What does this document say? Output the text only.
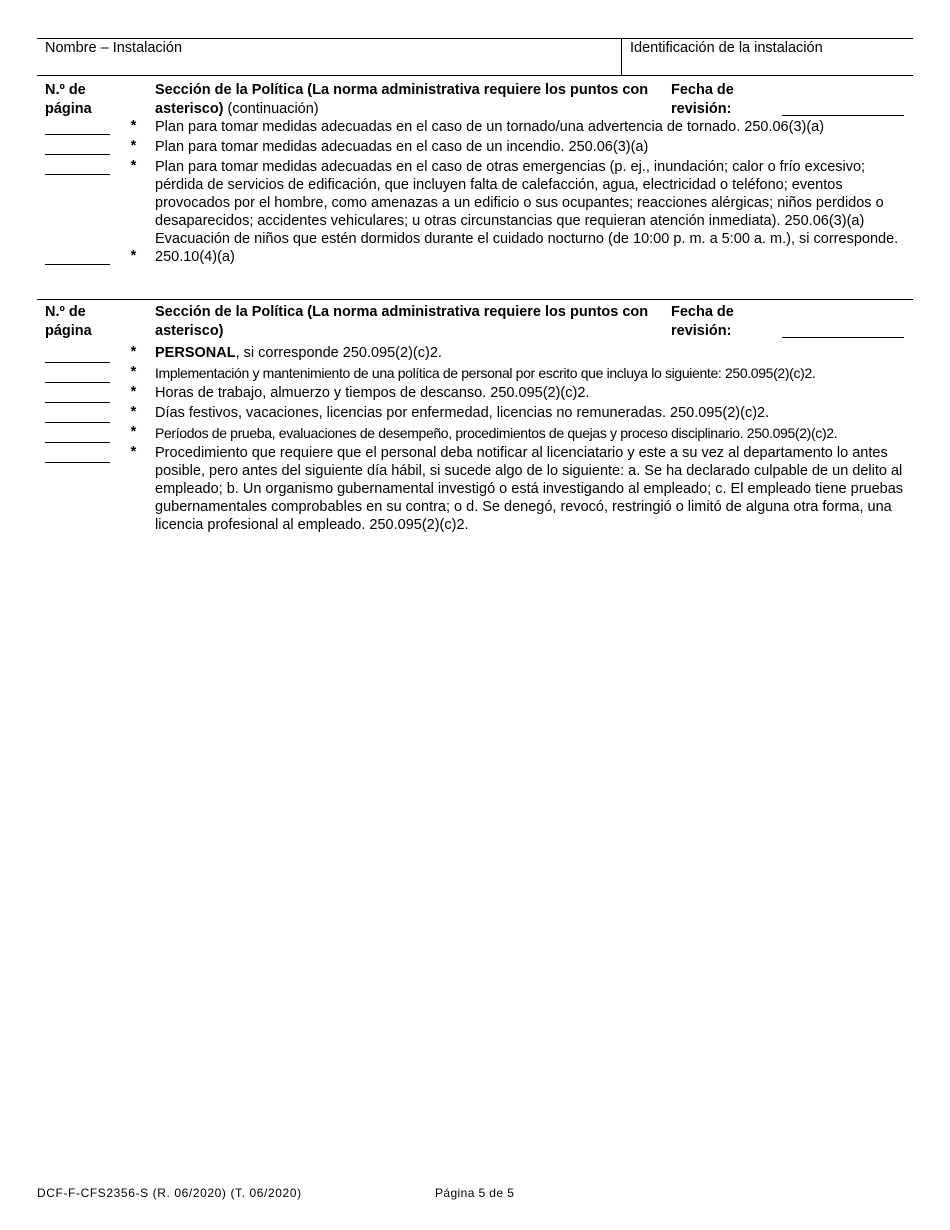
Nombre – Instalación	Identificación de la instalación
N.º de
página
Sección de la Política (La norma administrativa requiere los puntos con asterisco) (continuación)
Fecha de
revisión:
* Plan para tomar medidas adecuadas en el caso de un tornado/una advertencia de tornado. 250.06(3)(a)
* Plan para tomar medidas adecuadas en el caso de un incendio. 250.06(3)(a)
* Plan para tomar medidas adecuadas en el caso de otras emergencias (p. ej., inundación; calor o frío excesivo; pérdida de servicios de edificación, que incluyen falta de calefacción, agua, electricidad o teléfono; eventos provocados por el hombre, como amenazas a un edificio o sus ocupantes; reacciones alérgicas; niños perdidos o desaparecidos; accidentes vehiculares; u otras circunstancias que requieran atención inmediata). 250.06(3)(a)
*
Evacuación de niños que estén dormidos durante el cuidado nocturno (de 10:00 p. m. a 5:00 a. m.), si corresponde. 250.10(4)(a)
N.º de
página
Sección de la Política (La norma administrativa requiere los puntos con asterisco)
Fecha de
revisión:
* PERSONAL, si corresponde 250.095(2)(c)2.
* Implementación y mantenimiento de una política de personal por escrito que incluya lo siguiente: 250.095(2)(c)2.
* Horas de trabajo, almuerzo y tiempos de descanso. 250.095(2)(c)2.
* Días festivos, vacaciones, licencias por enfermedad, licencias no remuneradas. 250.095(2)(c)2.
* Períodos de prueba, evaluaciones de desempeño, procedimientos de quejas y proceso disciplinario. 250.095(2)(c)2.
* Procedimiento que requiere que el personal deba notificar al licenciatario y este a su vez al departamento lo antes posible, pero antes del siguiente día hábil, si sucede algo de lo siguiente: a. Se ha declarado culpable de un delito al empleado; b. Un organismo gubernamental investigó o está investigando al empleado; c. El empleado tiene pruebas gubernamentales comprobables en su contra; o d. Se denegó, revocó, restringió o limitó de alguna otra forma, una licencia profesional al empleado. 250.095(2)(c)2.
DCF-F-CFS2356-S (R. 06/2020) (T. 06/2020)	Página 5 de 5
